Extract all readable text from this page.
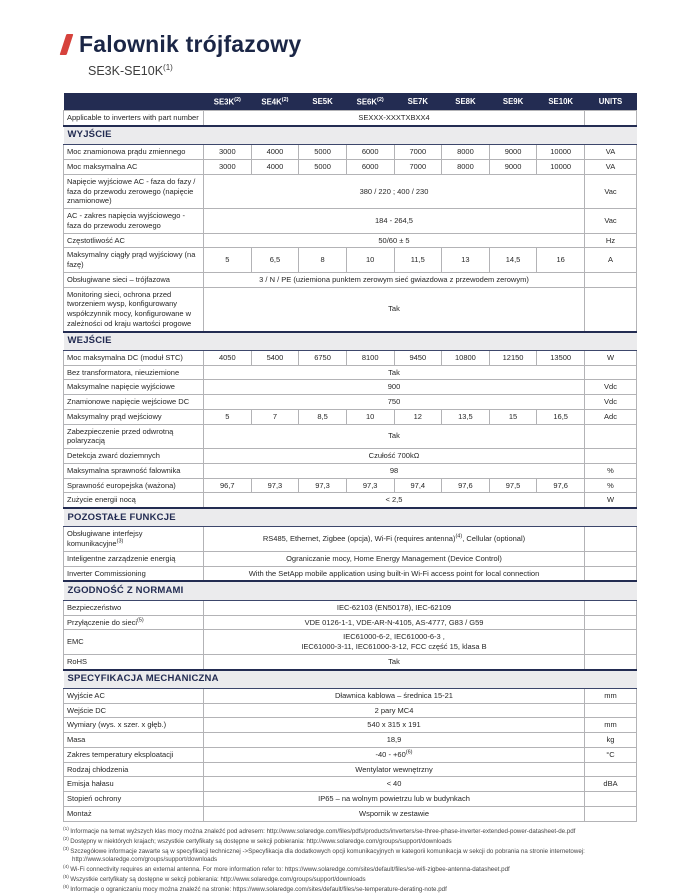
Falownik trójfazowy
$SE3K-SE10K^{(1)}$
	$SE3K^{(2)}$	$SE4K^{(2)}$	SE5K	$SE6K^{(2)}$	SE7K	SE8K	SE9K	SE10K	UNITS
Applicable to inverters with part number	SEXXX-XXXTXBXX4								
WYJŚCIE									
Moc znamionowa prądu zmiennego	3000	4000	5000	6000	7000	8000	9000	10000	VA
Moc maksymalna AC	3000	4000	5000	6000	7000	8000	9000	10000	VA
Napięcie wyjściowe AC - faza do fazy / faza do przewodu zerowego (napięcie znamionowe)	380 / 220 ; 400 / 230								Vac
AC - zakres napięcia wyjściowego - faza do przewodu zerowego	184 - 264,5								Vac
Częstotliwość AC	50/60 ± 5								Hz
Maksymalny ciągły prąd wyjściowy (na fazę)	5	6,5	8	10	11,5	13	14,5	16	A
Obsługiwane sieci – trójfazowa	3 / N / PE (uziemiona punktem zerowym sieć gwiazdowa z przewodem zerowym)								
Monitoring sieci, ochrona przed tworzeniem wysp, konfigurowany współczynnik mocy, konfigurowane w zależności od kraju wartości progowe	Tak								
WEJŚCIE									
Moc maksymalna DC (moduł STC)	4050	5400	6750	8100	9450	10800	12150	13500	W
Bez transformatora, nieuziemione	Tak								
Maksymalne napięcie wyjściowe	900								Vdc
Znamionowe napięcie wejściowe DC	750								Vdc
Maksymalny prąd wejściowy	5	7	8,5	10	12	13,5	15	16,5	Adc
Zabezpieczenie przed odwrotną polaryzacją	Tak								
Detekcja zwarć doziemnych	Czułość 700kΩ								
Maksymalna sprawność falownika	98								%
Sprawność europejska (ważona)	96,7	97,3	97,3	97,3	97,4	97,6	97,5	97,6	%
Zużycie energii nocą	< 2,5								W
POZOSTAŁE FUNKCJE									
Obsługiwane interfejsy komunikacyjne$^{(3)}$	RS485, Ethernet, Zigbee (opcja), Wi-Fi (requires antenna)$^{(4)}$, Cellular (optional)								
Inteligentne zarządzenie energią	Ograniczanie mocy, Home Energy Management (Device Control)								
Inverter Commissioning	With the SetApp mobile application using built-in Wi-Fi access point for local connection								
ZGODNOŚĆ Z NORMAMI									
Bezpieczeństwo	IEC-62103 (EN50178), IEC-62109								
Przyłączenie do sieci$^{(5)}$	VDE 0126-1-1, VDE-AR-N-4105, AS-4777, G83 / G59								
EMC	IEC61000-6-2, IEC61000-6-3 ,
IEC61000-3-11, IEC61000-3-12, FCC część 15, klasa B								
RoHS	Tak								
SPECYFIKACJA MECHANICZNA									
Wyjście AC	Dławnica kablowa – średnica 15-21								mm
Wejście DC	2 pary MC4								
Wymiary (wys. x szer. x głęb.)	540 x 315 x 191								mm
Masa	18,9								kg
Zakres temperatury eksploatacji	$-40 - +60^{(6)}$								°C
Rodzaj chłodzenia	Wentylator wewnętrzny								
Emisja hałasu	< 40								dBA
Stopień ochrony	IP65 – na wolnym powietrzu lub w budynkach								
Montaż	Wspornik w zestawie								
$^{(1)}$ Informacje na temat wyższych klas mocy można znaleźć pod adresem: http://www.solaredge.com/files/pdfs/products/inverters/se-three-phase-inverter-extended-power-datasheet-de.pdf
$^{(2)}$ Dostępny w niektórych krajach; wszystkie certyfikaty są dostępne w sekcji pobierania: http://www.solaredge.com/groups/support/downloads
$^{(3)}$ Szczegółowe informacje zawarte są w specyfikacji technicznej ->Specyfikacja dla dodatkowych opcji komunikacyjnych w kategorii komunikacja w sekcji do pobrania na stronie internetowej:
http://www.solaredge.com/groups/support/downloads
$^{(4)}$ Wi-Fi connectivity requires an external antenna. For more information refer to: https://www.solaredge.com/sites/default/files/se-wifi-zigbee-antenna-datasheet.pdf
$^{(5)}$ Wszystkie certyfikaty są dostępne w sekcji pobierania: http://www.solaredge.com/groups/support/downloads
$^{(6)}$ Informacje o ograniczaniu mocy można znaleźć na stronie: https://www.solaredge.com/sites/default/files/se-temperature-derating-note.pdf
